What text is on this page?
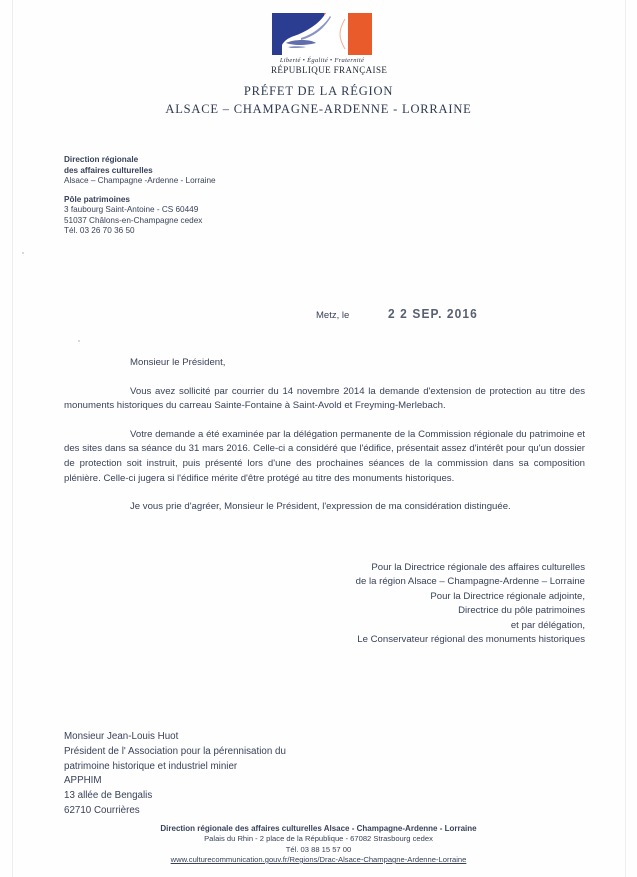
Liberté • Égalité • Fraternité
RÉPUBLIQUE FRANÇAISE
PRÉFET DE LA RÉGION
ALSACE – CHAMPAGNE-ARDENNE - LORRAINE
Direction régionale
des affaires culturelles
Alsace – Champagne -Ardenne - Lorraine
Pôle patrimoines
3 faubourg Saint-Antoine - CS 60449
51037 Châlons-en-Champagne cedex
Tél. 03 26 70 36 50
Metz, le	2 2 SEP. 2016
Monsieur le Président,

Vous avez sollicité par courrier du 14 novembre 2014 la demande d'extension de protection au titre des monuments historiques du carreau Sainte-Fontaine à Saint-Avold et Freyming-Merlebach.

Votre demande a été examinée par la délégation permanente de la Commission régionale du patrimoine et des sites dans sa séance du 31 mars 2016. Celle-ci a considéré que l'édifice, présentait assez d'intérêt pour qu'un dossier de protection soit instruit, puis présenté lors d'une des prochaines séances de la commission dans sa composition plénière. Celle-ci jugera si l'édifice mérite d'être protégé au titre des monuments historiques.

Je vous prie d'agréer, Monsieur le Président, l'expression de ma considération distinguée.

Pour la Directrice régionale des affaires culturelles
de la région Alsace – Champagne-Ardenne – Lorraine
Pour la Directrice régionale adjointe,
Directrice du pôle patrimoines
et par délégation,
Le Conservateur régional des monuments historiques
Monsieur Jean-Louis Huot
Président de l' Association pour la pérennisation du
patrimoine historique et industriel minier
APPHIM
13 allée de Bengalis
62710 Courrières
Direction régionale des affaires culturelles Alsace - Champagne-Ardenne - Lorraine
Palais du Rhin - 2 place de la République - 67082 Strasbourg cedex
Tél. 03 88 15 57 00
www.culturecommunication.gouv.fr/Regions/Drac-Alsace-Champagne-Ardenne-Lorraine
